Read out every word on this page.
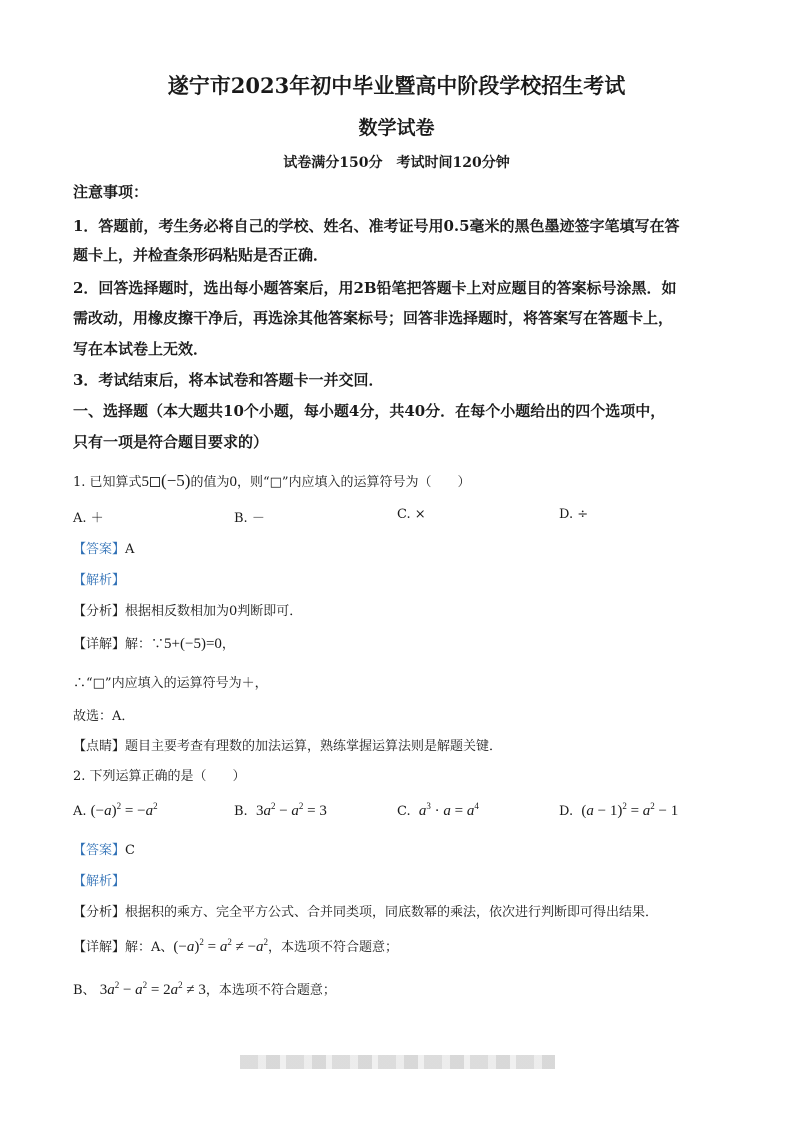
遂宁市2023年初中毕业暨高中阶段学校招生考试
数学试卷
试卷满分150分　考试时间120分钟
注意事项：
1．答题前，考生务必将自己的学校、姓名、准考证号用0.5毫米的黑色墨迹签字笔填写在答
题卡上，并检查条形码粘贴是否正确．
2．回答选择题时，选出每小题答案后，用2B铅笔把答题卡上对应题目的答案标号涂黑．如
需改动，用橡皮擦干净后，再选涂其他答案标号；回答非选择题时，将答案写在答题卡上，
写在本试卷上无效．
3．考试结束后，将本试卷和答题卡一并交回．
一、选择题（本大题共10个小题，每小题4分，共40分．在每个小题给出的四个选项中，
只有一项是符合题目要求的）
1. 已知算式5 (−5)的值为0，则“□”内应填入的运算符号为（　　）
A. ＋	B. －	C. ×	D. ÷
【答案】A
【解析】
【分析】根据相反数相加为0判断即可．
【详解】解：∵5+(−5)=0，
∴“□”内应填入的运算符号为＋，
故选：A．
【点睛】题目主要考查有理数的加法运算，熟练掌握运算法则是解题关键．
2. 下列运算正确的是（　　）
A. $(-a)^2 = -a^2$	B. $3a^2 - a^2 = 3$	C. $a^3 \cdot a = a^4$	D. $(a - 1)^2 = a^2 - 1$
【答案】C
【解析】
【分析】根据积的乘方、完全平方公式、合并同类项，同底数幂的乘法，依次进行判断即可得出结果．
【详解】解：A、$(-a)^2 = a^2 \ne -a^2$，本选项不符合题意；
B、 $3a^2 - a^2 = 2a^2 \ne 3$，本选项不符合题意；
